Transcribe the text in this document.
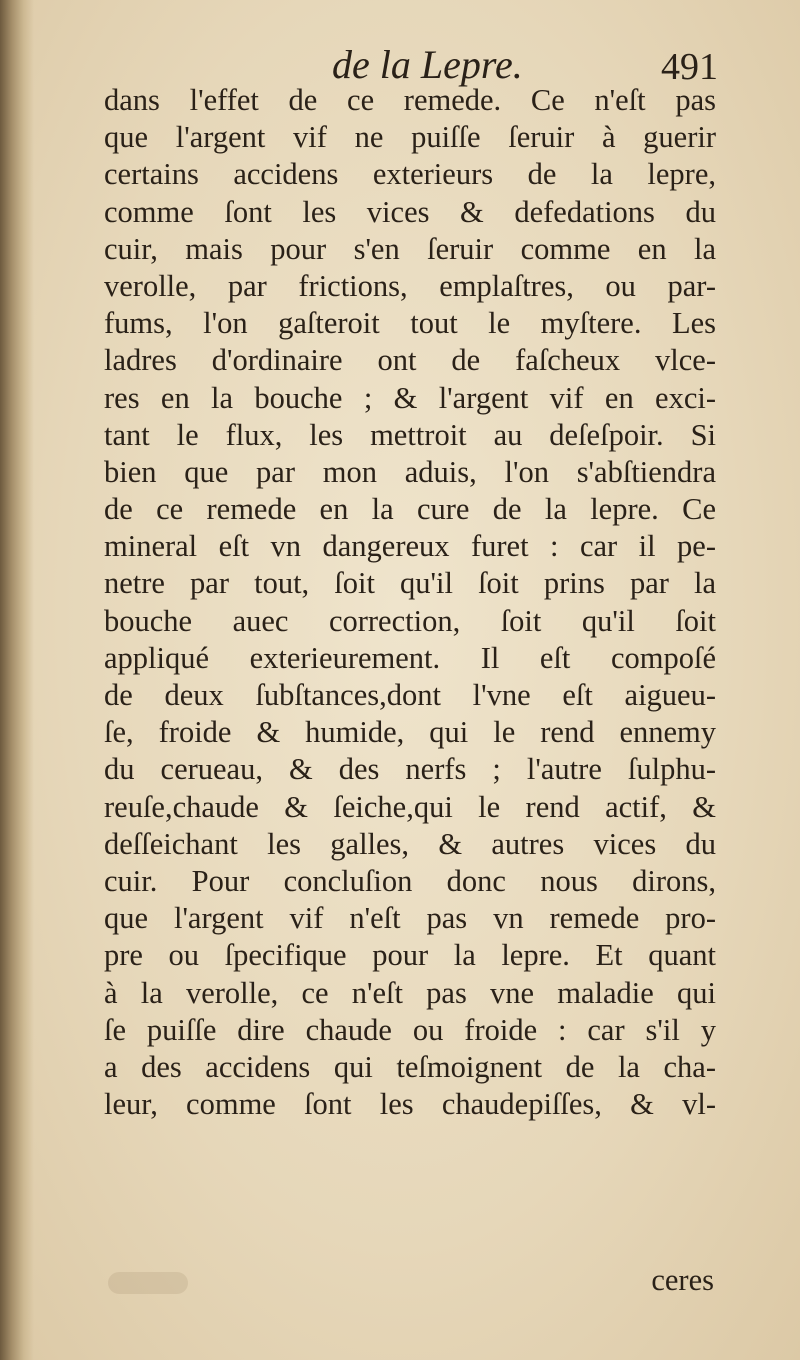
de la Lepre.	491
dans l'effet de ce remede. Ce n'eſt pas
que l'argent vif ne puiſſe ſeruir à guerir
certains accidens exterieurs de la lepre,
comme ſont les vices & defedations du
cuir, mais pour s'en ſeruir comme en la
verolle, par frictions, emplaſtres, ou par-
fums, l'on gaſteroit tout le myſtere. Les
ladres d'ordinaire ont de faſcheux vlce-
res en la bouche ; & l'argent vif en exci-
tant le flux, les mettroit au deſeſpoir. Si
bien que par mon aduis, l'on s'abſtiendra
de ce remede en la cure de la lepre. Ce
mineral eſt vn dangereux furet : car il pe-
netre par tout, ſoit qu'il ſoit prins par la
bouche auec correction, ſoit qu'il ſoit
appliqué exterieurement. Il eſt compoſé
de deux ſubſtances,dont l'vne eſt aigueu-
ſe, froide & humide, qui le rend ennemy
du cerueau, & des nerfs ; l'autre ſulphu-
reuſe,chaude & ſeiche,qui le rend actif, &
deſſeichant les galles, & autres vices du
cuir. Pour concluſion donc nous dirons,
que l'argent vif n'eſt pas vn remede pro-
pre ou ſpecifique pour la lepre. Et quant
à la verolle, ce n'eſt pas vne maladie qui
ſe puiſſe dire chaude ou froide : car s'il y
a des accidens qui teſmoignent de la cha-
leur, comme ſont les chaudepiſſes, & vl-
ceres
